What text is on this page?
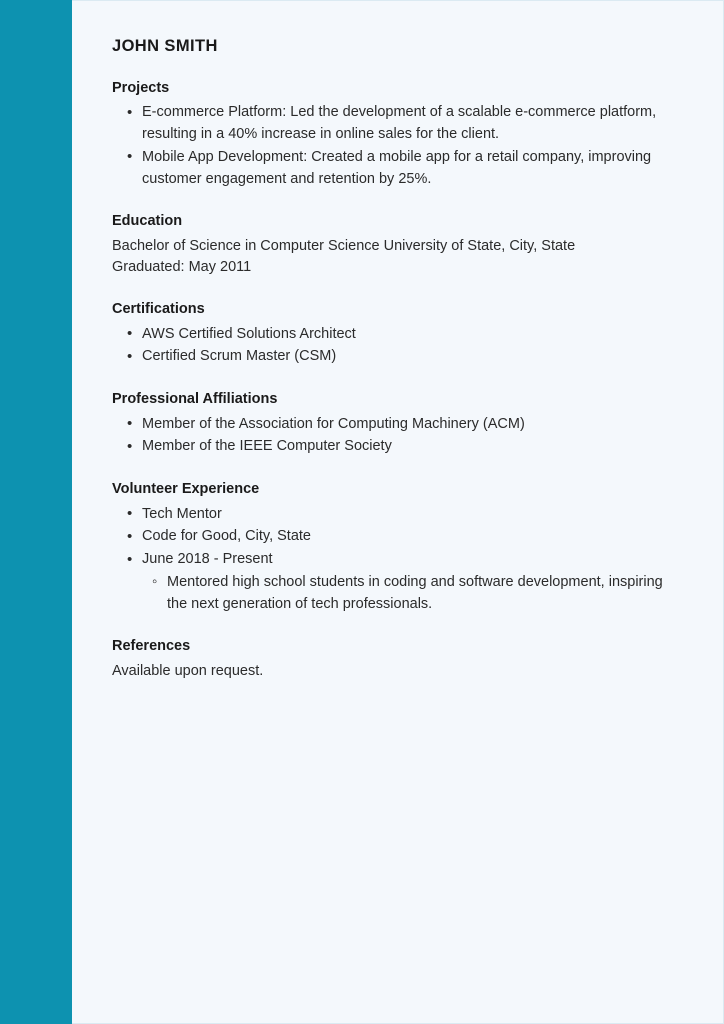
JOHN SMITH
Projects
• E-commerce Platform: Led the development of a scalable e-commerce platform, resulting in a 40% increase in online sales for the client.
• Mobile App Development: Created a mobile app for a retail company, improving customer engagement and retention by 25%.
Education

Bachelor of Science in Computer Science University of State, City, State

Graduated: May 2011

Certifications
• AWS Certified Solutions Architect
• Certified Scrum Master (CSM)
Professional Affiliations
• Member of the Association for Computing Machinery (ACM)
• Member of the IEEE Computer Society
Volunteer Experience
• Tech Mentor
• Code for Good, City, State
• June 2018 - Present
◦ Mentored high school students in coding and software development, inspiring the next generation of tech professionals.
References

Available upon request.
